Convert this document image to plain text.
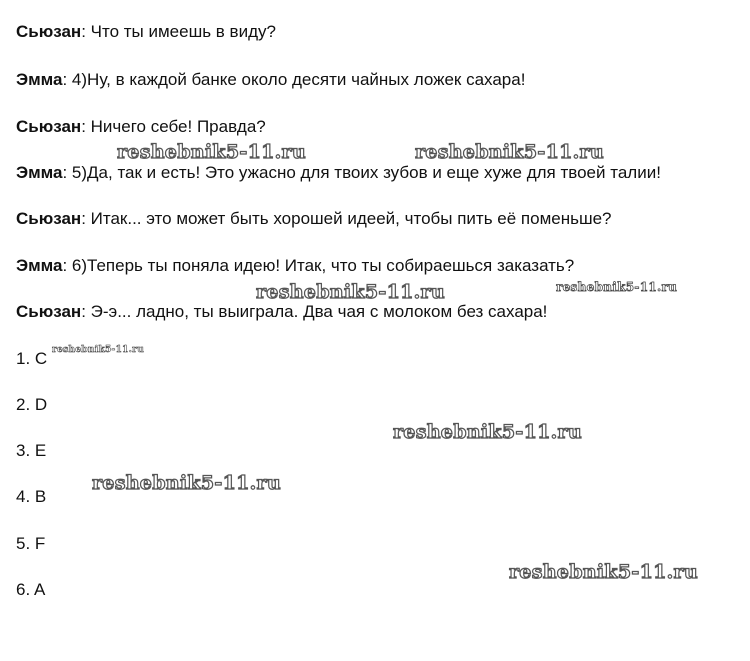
Сьюзан: Что ты имеешь в виду?
Эмма: 4)Ну, в каждой банке около десяти чайных ложек сахара!
Сьюзан: Ничего себе! Правда?
Эмма: 5)Да, так и есть! Это ужасно для твоих зубов и еще хуже для твоей талии!
Сьюзан: Итак... это может быть хорошей идеей, чтобы пить её поменьше?
Эмма: 6)Теперь ты поняла идею! Итак, что ты собираешься заказать?
Сьюзан: Э-э... ладно, ты выиграла. Два чая с молоком без сахара!
1. C
2. D
3. E
4. B
5. F
6. A
reshebnik5-11.ru	reshebnik5-11.ru
reshebnik5-11.ru	reshebnik5-11.ru
reshebnik5-11.ru
reshebnik5-11.ru
reshebnik5-11.ru
reshebnik5-11.ru
